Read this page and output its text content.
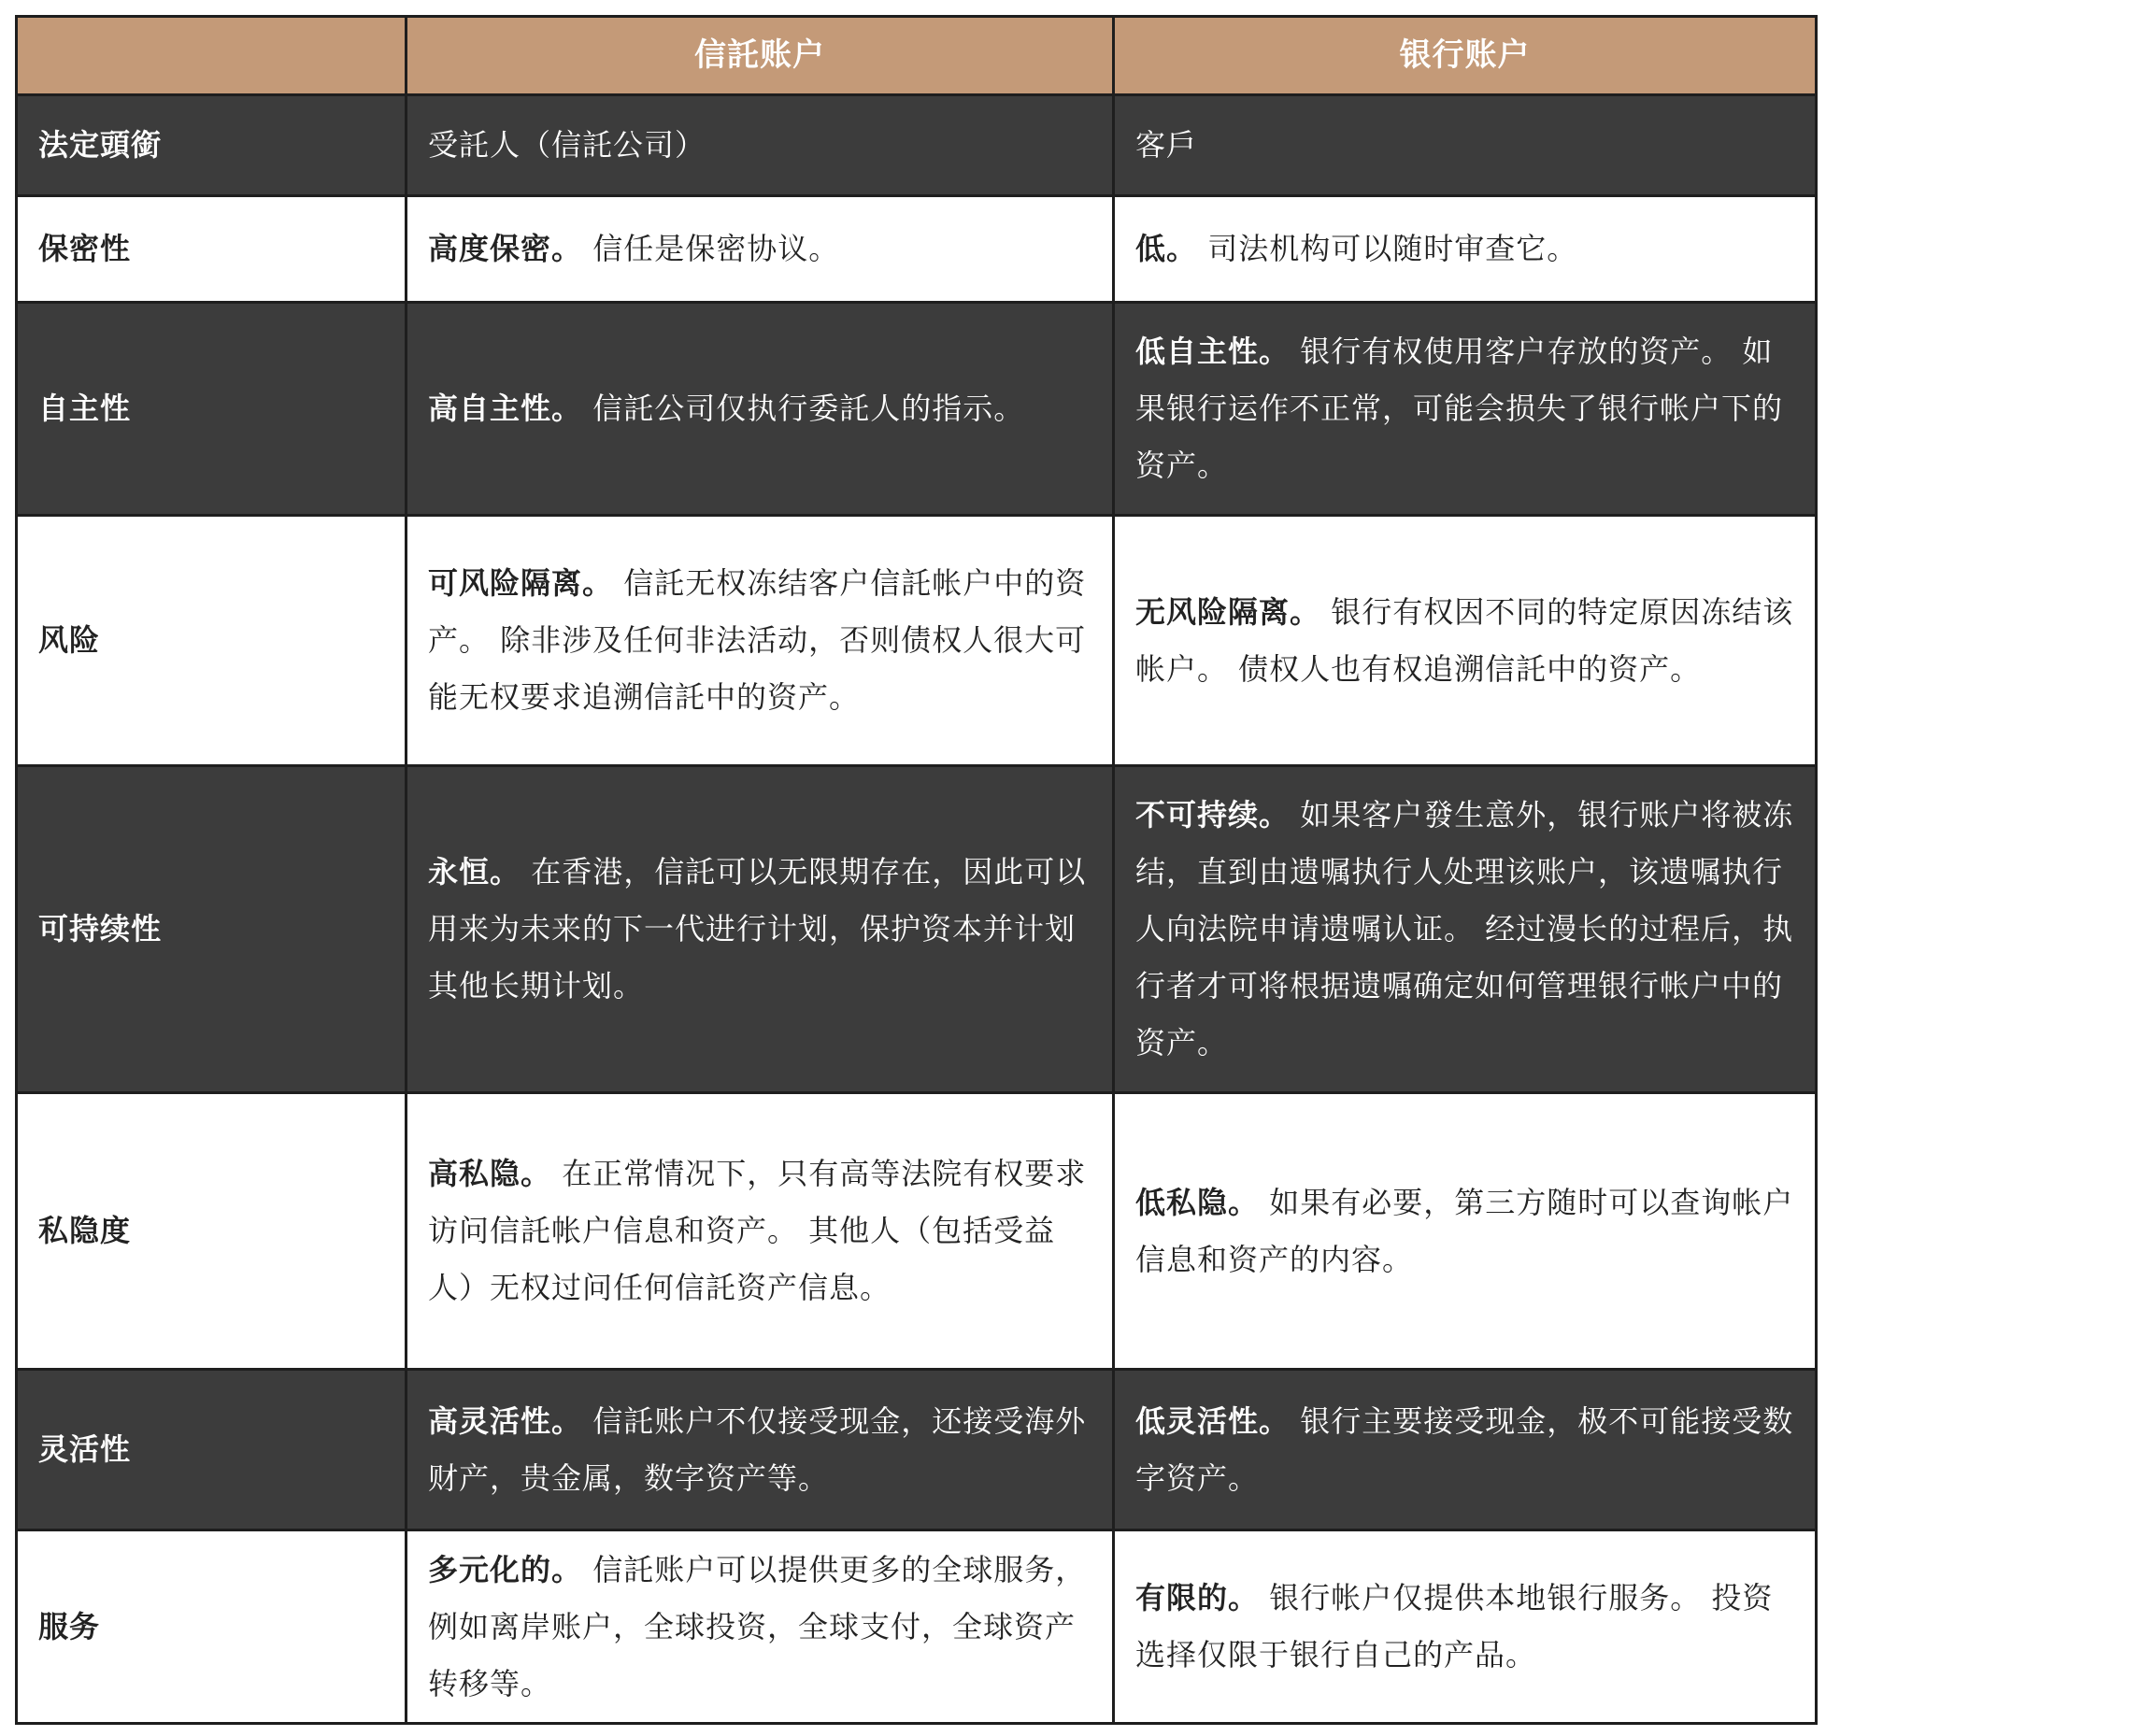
	信託账户	银行账户
法定頭銜	受託人（信託公司）	客戶
保密性	高度保密。 信任是保密协议。	低。 司法机构可以随时审查它。
自主性	高自主性。 信託公司仅执行委託人的指示。	低自主性。 银行有权使用客户存放的资产。 如果银行运作不正常，可能会损失了银行帐户下的资产。
风险	可风险隔离。 信託无权冻结客户信託帐户中的资产。 除非涉及任何非法活动，否则债权人很大可能无权要求追溯信託中的资产。	无风险隔离。 银行有权因不同的特定原因冻结该帐户。 债权人也有权追溯信託中的资产。
可持续性	永恒。 在香港，信託可以无限期存在，因此可以用来为未来的下一代进行计划，保护资本并计划其他长期计划。	不可持续。 如果客户發生意外，银行账户将被冻结，直到由遗嘱执行人处理该账户，该遗嘱执行人向法院申请遗嘱认证。 经过漫长的过程后，执行者才可将根据遗嘱确定如何管理银行帐户中的资产。
私隐度	高私隐。 在正常情况下，只有高等法院有权要求访问信託帐户信息和资产。 其他人（包括受益人）无权过问任何信託资产信息。	低私隐。 如果有必要，第三方随时可以查询帐户信息和资产的内容。
灵活性	高灵活性。 信託账户不仅接受现金，还接受海外财产，贵金属，数字资产等。	低灵活性。 银行主要接受现金，极不可能接受数字资产。
服务	多元化的。 信託账户可以提供更多的全球服务，例如离岸账户，全球投资，全球支付，全球资产转移等。	有限的。 银行帐户仅提供本地银行服务。 投资选择仅限于银行自己的产品。
